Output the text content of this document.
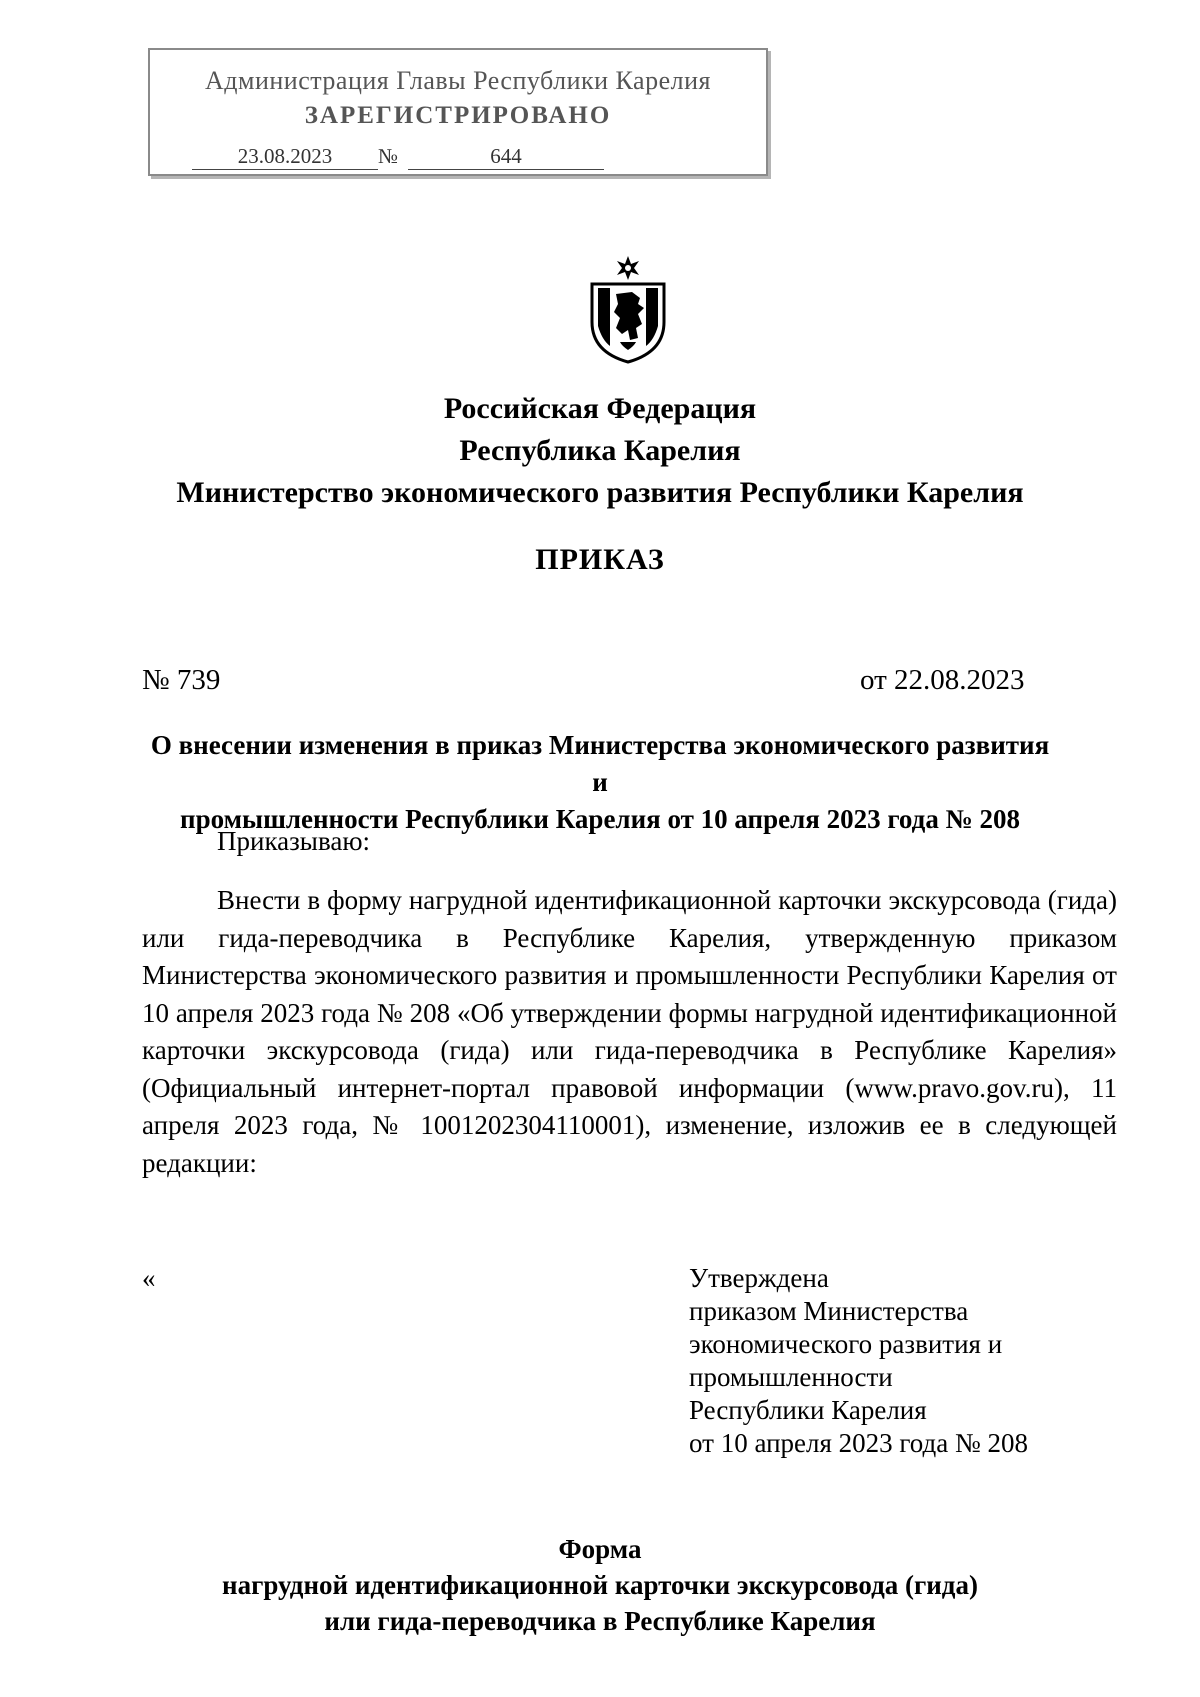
Администрация Главы Республики Карелия
ЗАРЕГИСТРИРОВАНО
23.08.2023 №	644
Российская Федерация
Республика Карелия
Министерство экономического развития Республики Карелия
ПРИКАЗ
№ 739	от 22.08.2023
О внесении изменения в приказ Министерства экономического развития и
промышленности Республики Карелия от 10 апреля 2023 года № 208
Приказываю:
Внести в форму нагрудной идентификационной карточки экскурсовода (гида) или гида-переводчика в Республике Карелия, утвержденную приказом Министерства экономического развития и промышленности Республики Карелия от 10 апреля 2023 года № 208 «Об утверждении формы нагрудной идентификационной карточки экскурсовода (гида) или гида-переводчика в Республике Карелия» (Официальный интернет-портал правовой информации (www.pravo.gov.ru), 11 апреля 2023 года, № 1001202304110001), изменение, изложив ее в следующей редакции:
«	Утверждена
приказом Министерства
экономического развития и
промышленности
Республики Карелия
от 10 апреля 2023 года № 208
Форма
нагрудной идентификационной карточки экскурсовода (гида)
или гида-переводчика в Республике Карелия
